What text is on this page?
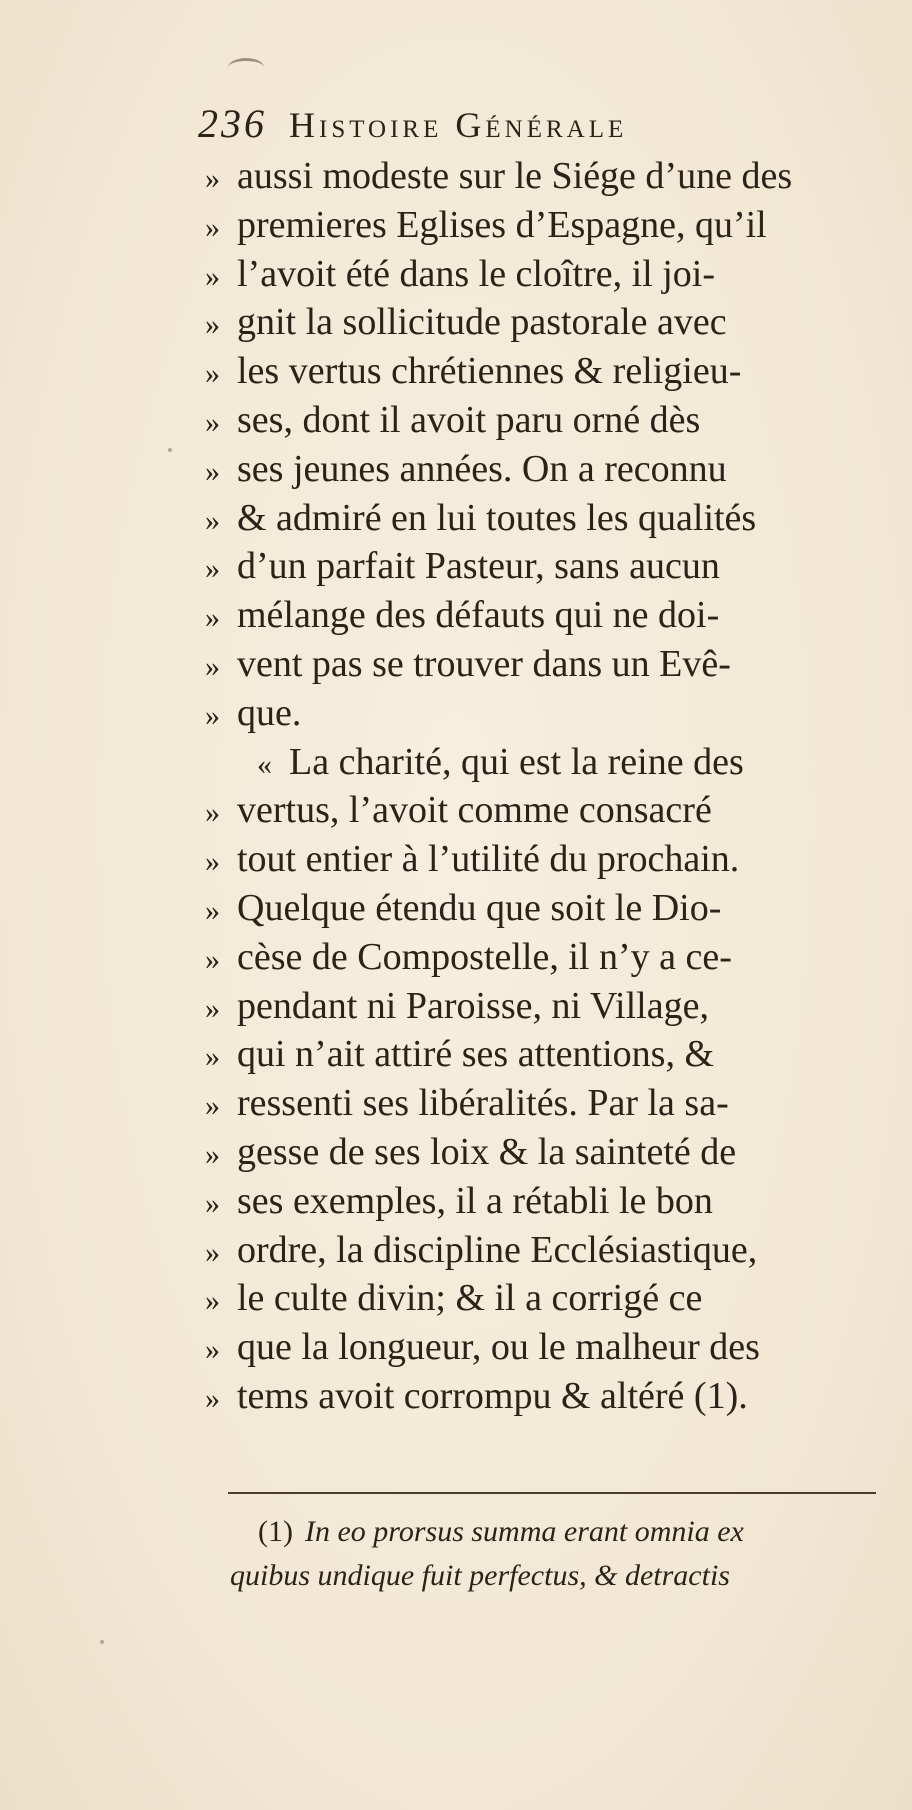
236 Histoire Générale
» aussi modeste sur le Siége d’une des
» premieres Eglises d’Espagne, qu’il
» l’avoit été dans le cloître, il joi-
» gnit la sollicitude pastorale avec
» les vertus chrétiennes & religieu-
» ses, dont il avoit paru orné dès
» ses jeunes années. On a reconnu
» & admiré en lui toutes les qualités
» d’un parfait Pasteur, sans aucun
» mélange des défauts qui ne doi-
» vent pas se trouver dans un Evê-
» que.
« La charité, qui est la reine des
» vertus, l’avoit comme consacré
» tout entier à l’utilité du prochain.
» Quelque étendu que soit le Dio-
» cèse de Compostelle, il n’y a ce-
» pendant ni Paroisse, ni Village,
» qui n’ait attiré ses attentions, &
» ressenti ses libéralités. Par la sa-
» gesse de ses loix & la sainteté de
» ses exemples, il a rétabli le bon
» ordre, la discipline Ecclésiastique,
» le culte divin; & il a corrigé ce
» que la longueur, ou le malheur des
» tems avoit corrompu & altéré (1).
(1) In eo prorsus summa erant omnia ex
quibus undique fuit perfectus, & detractis
